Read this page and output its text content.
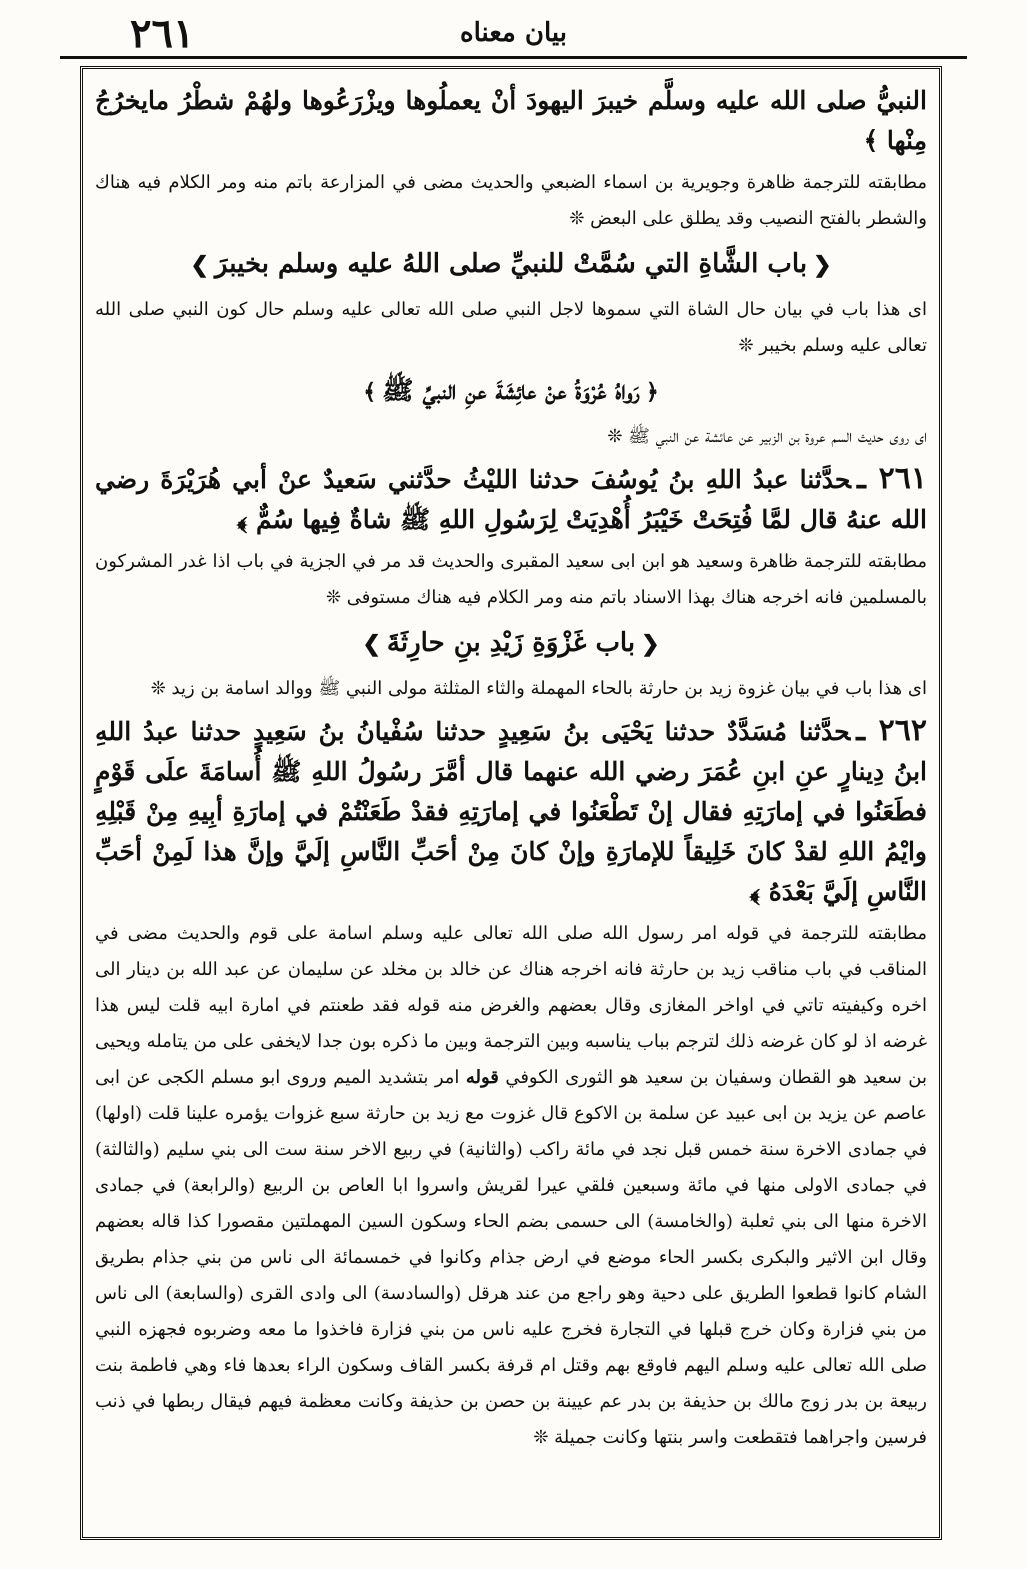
٢٦١	بيان معناه

النبيُّ صلى الله عليه وسلَّم خيبرَ اليهودَ أنْ يعملُوها ويزْرَعُوها ولهُمْ شطْرُ مايخرُجُ مِنْها ﴾

مطابقته للترجمة ظاهرة وجويرية بن اسماء الضبعي والحديث مضى في المزارعة باتم منه ومر الكلام فيه هناك والشطر بالفتح النصيب وقد يطلق على البعض ❊

❮باب الشَّاةِ التي سُمَّتْ للنبيِّ صلى اللهُ عليه وسلم بخيبرَ❯

اى هذا باب في بيان حال الشاة التي سموها لاجل النبي صلى الله تعالى عليه وسلم حال كون النبي صلى الله تعالى عليه وسلم بخيبر ❊

﴿رَواهُ عُرْوَةُ عنْ عائِشَةَ عنِ النبيِّ ﷺ﴾

اى روى حديث السم عروة بن الزبير عن عائشة عن النبي ﷺ ❊

٢٦١ ـحدَّثنا عبدُ اللهِ بنُ يُوسُفَ حدثنا الليْثُ حدَّثني سَعيدٌ عنْ أبي هُرَيْرَةَ رضي الله عنهُ قال لمَّا فُتِحَتْ خَيْبَرُ أُهْدِيَتْ لِرَسُولِ اللهِ ﷺ شاةٌ فِيها سُمٌّ ﴾

مطابقته للترجمة ظاهرة وسعيد هو ابن ابى سعيد المقبرى والحديث قد مر في الجزية في باب اذا غدر المشركون بالمسلمين فانه اخرجه هناك بهذا الاسناد باتم منه ومر الكلام فيه هناك مستوفى ❊

❮باب غَزْوَةِ زَيْدِ بنِ حارِثَةَ❯

اى هذا باب في بيان غزوة زيد بن حارثة بالحاء المهملة والثاء المثلثة مولى النبي ﷺ ووالد اسامة بن زيد ❊

٢٦٢ ـحدَّثنا مُسَدَّدٌ حدثنا يَحْيَى بنُ سَعِيدٍ حدثنا سُفْيانُ بنُ سَعِيدٍ حدثنا عبدُ اللهِ ابنُ دِينارٍ عنِ ابنِ عُمَرَ رضي الله عنهما قال أمَّرَ رسُولُ اللهِ ﷺ أُسامَةَ علَى قَوْمٍ فطَعَنُوا في إمارَتِهِ فقال إنْ تَطْعَنُوا في إمارَتِهِ فقدْ طَعَنْتُمْ في إمارَةِ أبِيهِ مِنْ قَبْلِهِ وايْمُ اللهِ لقدْ كانَ خَلِيقاً للإمارَةِ وإنْ كانَ مِنْ أحَبِّ النَّاسِ إلَيَّ وإنَّ هذا لَمِنْ أحَبِّ النَّاسِ إلَيَّ بَعْدَهُ ﴾

مطابقته للترجمة في قوله امر رسول الله صلى الله تعالى عليه وسلم اسامة على قوم والحديث مضى في المناقب في باب مناقب زيد بن حارثة فانه اخرجه هناك عن خالد بن مخلد عن سليمان عن عبد الله بن دينار الى اخره وكيفيته تاتي في اواخر المغازى وقال بعضهم والغرض منه قوله فقد طعنتم في امارة ابيه قلت ليس هذا غرضه اذ لو كان غرضه ذلك لترجم بباب يناسبه وبين الترجمة وبين ما ذكره بون جدا لايخفى على من يتامله ويحيى بن سعيد هو القطان وسفيان بن سعيد هو الثورى الكوفي قوله امر بتشديد الميم وروى ابو مسلم الكجى عن ابى عاصم عن يزيد بن ابى عبيد عن سلمة بن الاكوع قال غزوت مع زيد بن حارثة سبع غزوات يؤمره علينا قلت (اولها) في جمادى الاخرة سنة خمس قبل نجد في مائة راكب (والثانية) في ربيع الاخر سنة ست الى بني سليم (والثالثة) في جمادى الاولى منها في مائة وسبعين فلقي عيرا لقريش واسروا ابا العاص بن الربيع (والرابعة) في جمادى الاخرة منها الى بني ثعلبة (والخامسة) الى حسمى بضم الحاء وسكون السين المهملتين مقصورا كذا قاله بعضهم وقال ابن الاثير والبكرى بكسر الحاء موضع في ارض جذام وكانوا في خمسمائة الى ناس من بني جذام بطريق الشام كانوا قطعوا الطريق على دحية وهو راجع من عند هرقل (والسادسة) الى وادى القرى (والسابعة) الى ناس من بني فزارة وكان خرج قبلها في التجارة فخرج عليه ناس من بني فزارة فاخذوا ما معه وضربوه فجهزه النبي صلى الله تعالى عليه وسلم اليهم فاوقع بهم وقتل ام قرفة بكسر القاف وسكون الراء بعدها فاء وهي فاطمة بنت ربيعة بن بدر زوج مالك بن حذيفة بن بدر عم عيينة بن حصن بن حذيفة وكانت معظمة فيهم فيقال ربطها في ذنب فرسين واجراهما فتقطعت واسر بنتها وكانت جميلة ❊
